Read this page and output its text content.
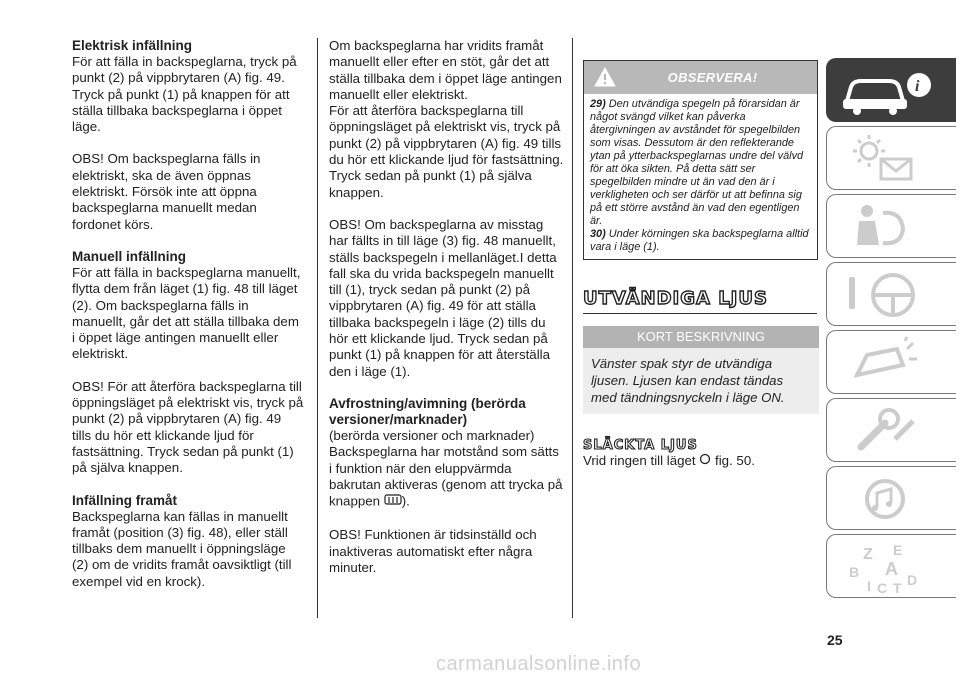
Elektrisk infällning

För att fälla in backspeglarna, tryck på punkt (2) på vippbrytaren (A) fig. 49. Tryck på punkt (1) på knappen för att ställa tillbaka backspeglarna i öppet läge.

OBS! Om backspeglarna fälls in elektriskt, ska de även öppnas elektriskt. Försök inte att öppna backspeglarna manuellt medan fordonet körs.

Manuell infällning

För att fälla in backspeglarna manuellt, flytta dem från läget (1) fig. 48 till läget (2). Om backspeglarna fälls in manuellt, går det att ställa tillbaka dem i öppet läge antingen manuellt eller elektriskt.

OBS! För att återföra backspeglarna till öppningsläget på elektriskt vis, tryck på punkt (2) på vippbrytaren (A) fig. 49 tills du hör ett klickande ljud för fastsättning. Tryck sedan på punkt (1) på själva knappen.

Infällning framåt

Backspeglarna kan fällas in manuellt framåt (position (3) fig. 48), eller ställ tillbaks dem manuellt i öppningsläge (2) om de vridits framåt oavsiktligt (till exempel vid en krock).

Om backspeglarna har vridits framåt manuellt eller efter en stöt, går det att ställa tillbaka dem i öppet läge antingen manuellt eller elektriskt.

För att återföra backspeglarna till öppningsläget på elektriskt vis, tryck på punkt (2) på vippbrytaren (A) fig. 49 tills du hör ett klickande ljud för fastsättning. Tryck sedan på punkt (1) på själva knappen.

OBS! Om backspeglarna av misstag har fällts in till läge (3) fig. 48 manuellt, ställs backspegeln i mellanläget.I detta fall ska du vrida backspegeln manuellt till (1), tryck sedan på punkt (2) på vippbrytaren (A) fig. 49 för att ställa tillbaka backspegeln i läge (2) tills du hör ett klickande ljud. Tryck sedan på punkt (1) på knappen för att återställa den i läge (1).

Avfrostning/avimning (berörda versioner/marknader)

(berörda versioner och marknader)

Backspeglarna har motstånd som sätts i funktion när den eluppvärmda bakrutan aktiveras (genom att trycka på knappen ).

OBS! Funktionen är tidsinställd och inaktiveras automatiskt efter några minuter.

OBSERVERA!
29) Den utvändiga spegeln på förarsidan är något svängd vilket kan påverka återgivningen av avståndet för spegelbilden som visas. Dessutom är den reflekterande ytan på ytterbackspeglarnas undre del välvd för att öka sikten. På detta sätt ser spegelbilden mindre ut än vad den är i verkligheten och ser därför ut att befinna sig på ett större avstånd än vad den egentligen är.
30) Under körningen ska backspeglarna alltid vara i läge (1).
UTVÄNDIGA LJUS
KORT BESKRIVNING
Vänster spak styr de utvändiga ljusen. Ljusen kan endast tändas med tändningsnyckeln i läge ON.
SLÄCKTA LJUS

Vrid ringen till läget fig. 50.

i
Z E
B A
I C T D
25
carmanualsonline.info
